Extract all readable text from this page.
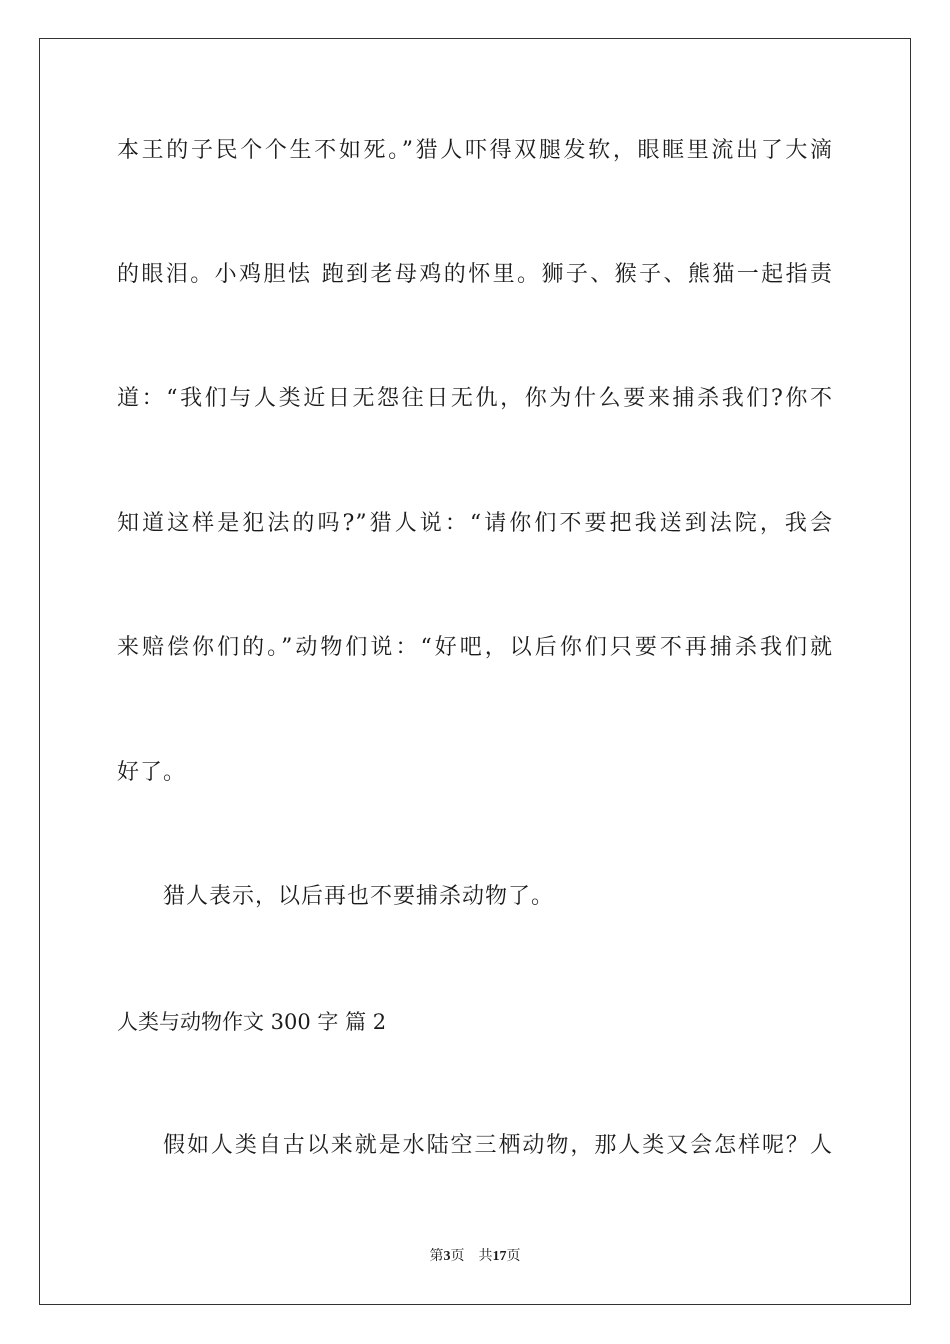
本王的子民个个生不如死。”猎人吓得双腿发软，眼眶里流出了大滴
的眼泪。小鸡胆怯 跑到老母鸡的怀里。狮子、猴子、熊猫一起指责
道：“我们与人类近日无怨往日无仇，你为什么要来捕杀我们?你不
知道这样是犯法的吗?”猎人说：“请你们不要把我送到法院，我会
来赔偿你们的。”动物们说：“好吧，以后你们只要不再捕杀我们就
好了。
猎人表示，以后再也不要捕杀动物了。
人类与动物作文 300 字 篇 2
假如人类自古以来就是水陆空三栖动物，那人类又会怎样呢？人
第3页 共17页
